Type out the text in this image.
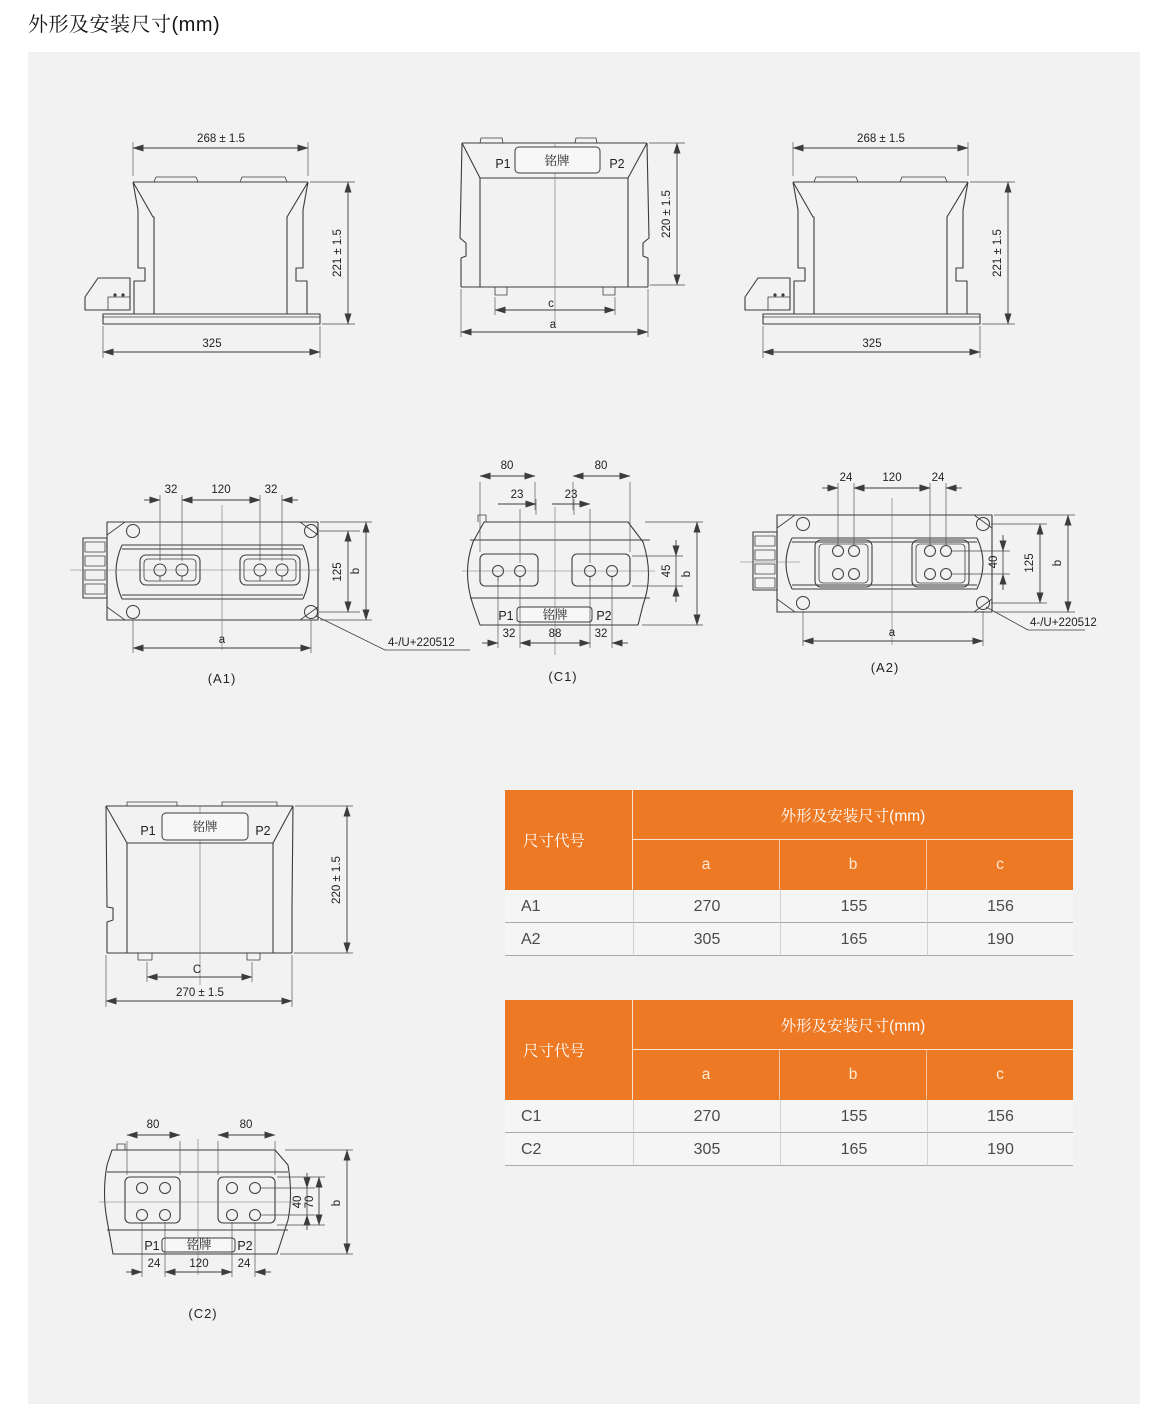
外形及安装尺寸(mm)
268 ± 1.5
221 ± 1.5
325
铭牌
P1	P2
220 ± 1.5
c
a
268 ± 1.5
221 ± 1.5
325
32	120	32
125 b
a	4-/U+220512
(A1)
铭牌
P1	P2
80	80
23	23
45 b
32	88	32
(C1)
24	120	24
40 125 b
a
4-/U+220512
(A2)
铭牌
P1	P2
C
270 ± 1.5
220 ± 1.5
铭牌
P1	P2
80	80
40 70 b
24	120	24
(C2)
尺寸代号
外形及安装尺寸(mm)
a	b	c
A1	270	155	156
A2	305	165	190
尺寸代号
外形及安装尺寸(mm)
a	b	c
C1	270	155	156
C2	305	165	190
